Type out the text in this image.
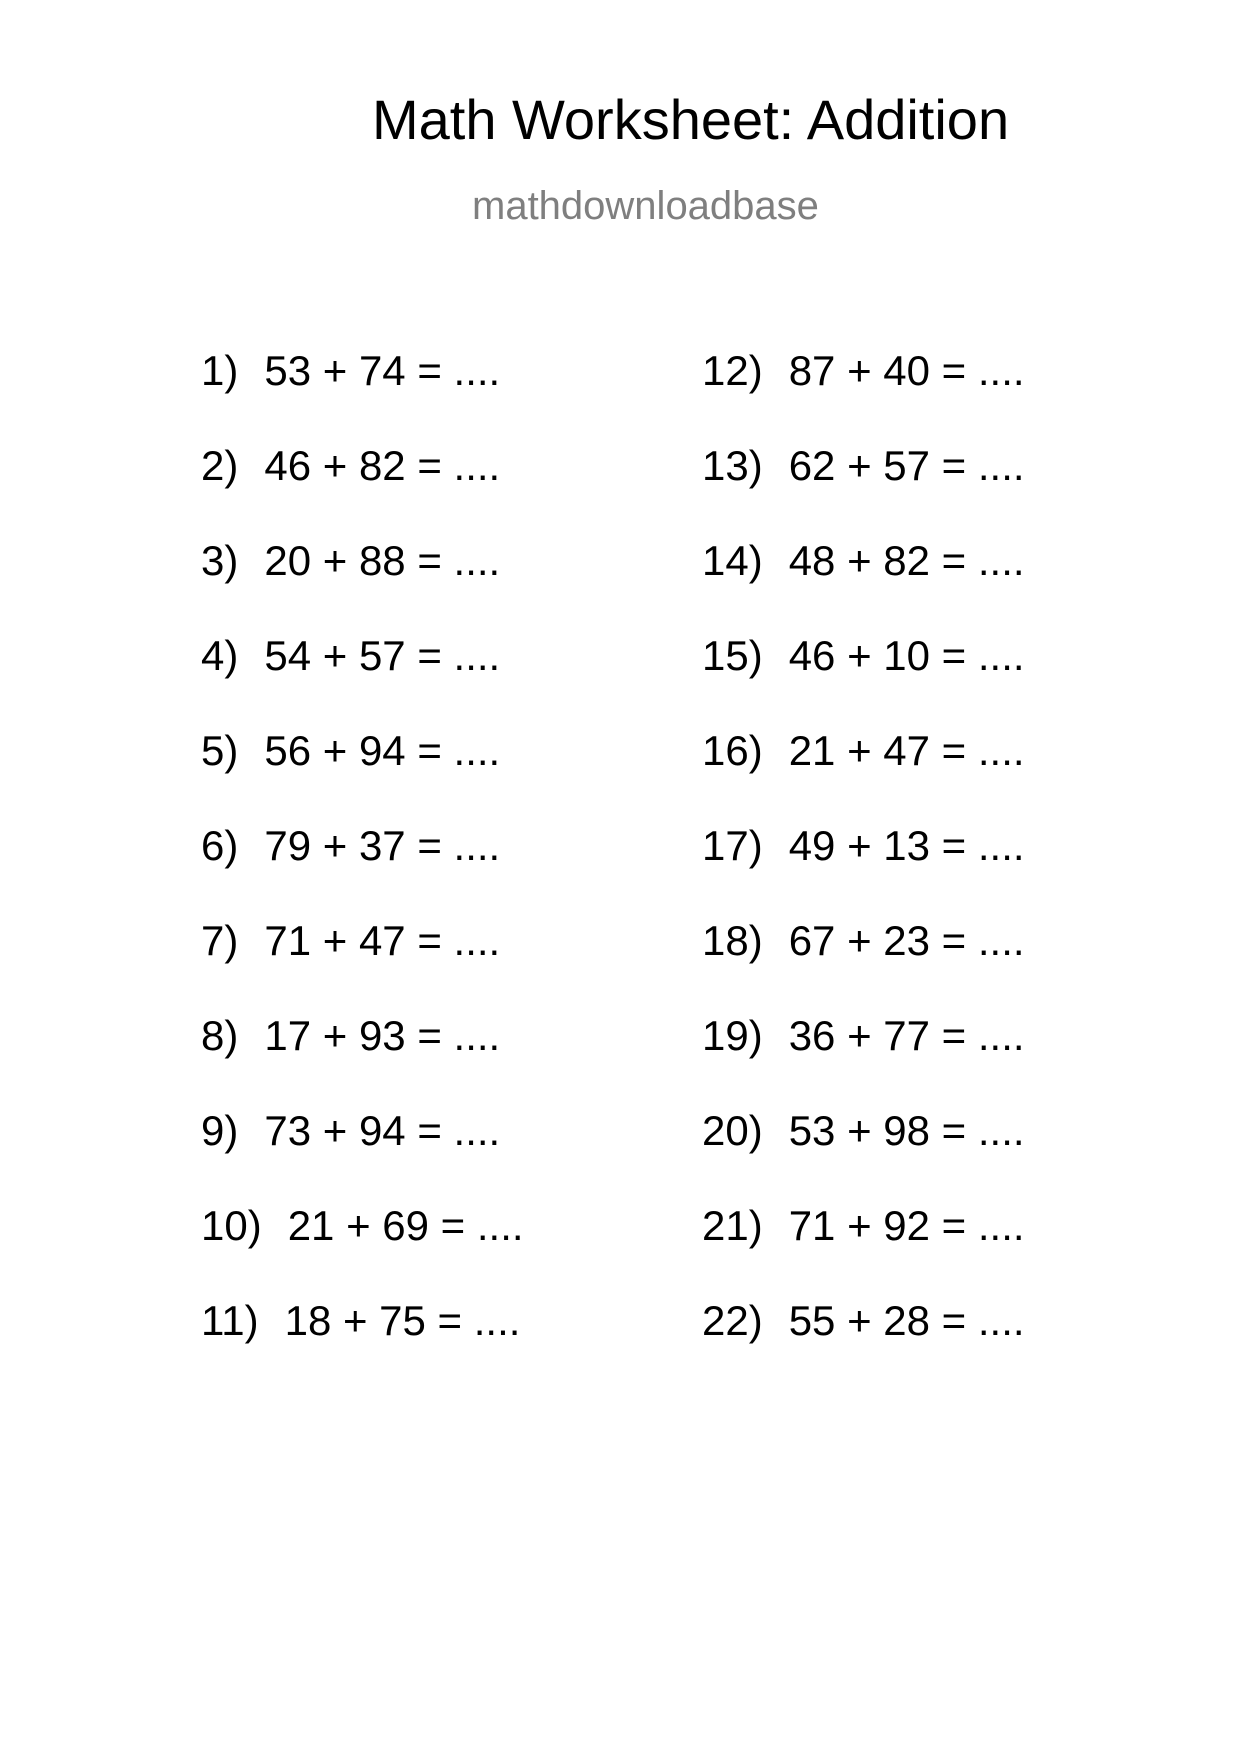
Math Worksheet: Addition
mathdownloadbase
1) 53 + 74 = ....
2) 46 + 82 = ....
3) 20 + 88 = ....
4) 54 + 57 = ....
5) 56 + 94 = ....
6) 79 + 37 = ....
7) 71 + 47 = ....
8) 17 + 93 = ....
9) 73 + 94 = ....
10) 21 + 69 = ....
11) 18 + 75 = ....
12) 87 + 40 = ....
13) 62 + 57 = ....
14) 48 + 82 = ....
15) 46 + 10 = ....
16) 21 + 47 = ....
17) 49 + 13 = ....
18) 67 + 23 = ....
19) 36 + 77 = ....
20) 53 + 98 = ....
21) 71 + 92 = ....
22) 55 + 28 = ....
